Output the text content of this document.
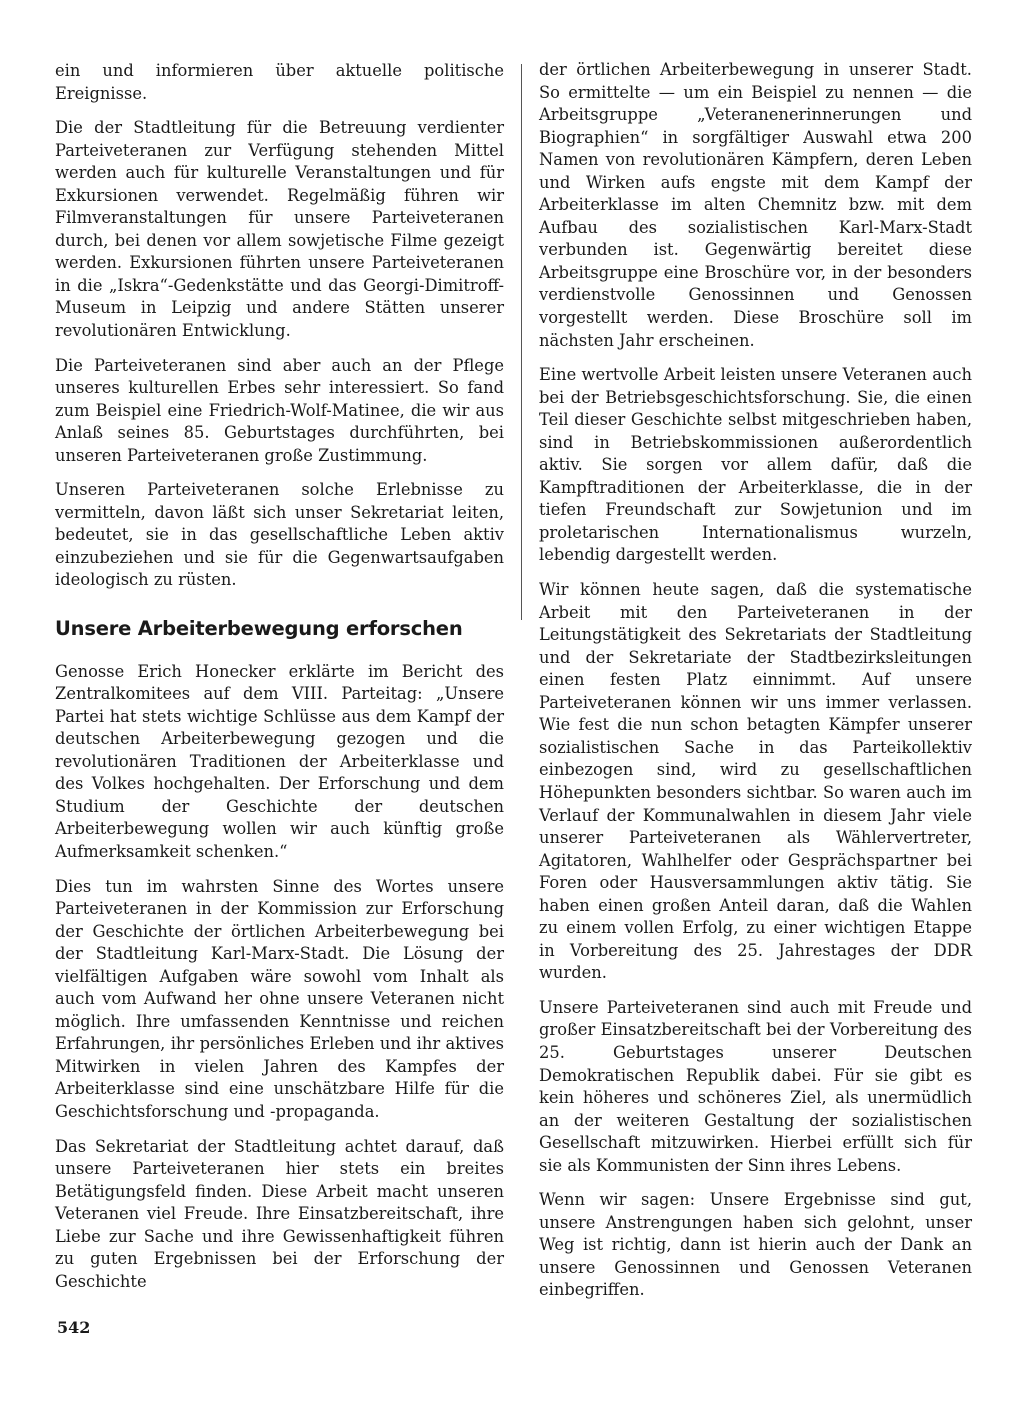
ein und informieren über aktuelle politische Ereignisse.

Die der Stadtleitung für die Betreuung verdienter Parteiveteranen zur Verfügung stehenden Mittel werden auch für kulturelle Veranstaltungen und für Exkursionen verwendet. Regelmäßig führen wir Filmveranstaltungen für unsere Parteiveteranen durch, bei denen vor allem sowjetische Filme gezeigt werden. Exkursionen führten unsere Parteiveteranen in die „Iskra“-Gedenkstätte und das Georgi-Dimitroff-Museum in Leipzig und andere Stätten unserer revolutionären Entwicklung.

Die Parteiveteranen sind aber auch an der Pflege unseres kulturellen Erbes sehr interessiert. So fand zum Beispiel eine Friedrich-Wolf-Matinee, die wir aus Anlaß seines 85. Geburtstages durchführten, bei unseren Parteiveteranen große Zustimmung.

Unseren Parteiveteranen solche Erlebnisse zu vermitteln, davon läßt sich unser Sekretariat leiten, bedeutet, sie in das gesellschaftliche Leben aktiv einzubeziehen und sie für die Gegenwartsaufgaben ideologisch zu rüsten.

Unsere Arbeiterbewegung erforschen

Genosse Erich Honecker erklärte im Bericht des Zentralkomitees auf dem VIII. Parteitag: „Unsere Partei hat stets wichtige Schlüsse aus dem Kampf der deutschen Arbeiterbewegung gezogen und die revolutionären Traditionen der Arbeiterklasse und des Volkes hochgehalten. Der Erforschung und dem Studium der Geschichte der deutschen Arbeiterbewegung wollen wir auch künftig große Aufmerksamkeit schenken.“

Dies tun im wahrsten Sinne des Wortes unsere Parteiveteranen in der Kommission zur Erforschung der Geschichte der örtlichen Arbeiterbewegung bei der Stadtleitung Karl-Marx-Stadt. Die Lösung der vielfältigen Aufgaben wäre sowohl vom Inhalt als auch vom Aufwand her ohne unsere Veteranen nicht möglich. Ihre umfassenden Kenntnisse und reichen Erfahrungen, ihr persönliches Erleben und ihr aktives Mitwirken in vielen Jahren des Kampfes der Arbeiterklasse sind eine unschätzbare Hilfe für die Geschichtsforschung und -propaganda.

Das Sekretariat der Stadtleitung achtet darauf, daß unsere Parteiveteranen hier stets ein breites Betätigungsfeld finden. Diese Arbeit macht unseren Veteranen viel Freude. Ihre Einsatzbereitschaft, ihre Liebe zur Sache und ihre Gewissenhaftigkeit führen zu guten Ergebnissen bei der Erforschung der Geschichte

der örtlichen Arbeiterbewegung in unserer Stadt. So ermittelte — um ein Beispiel zu nennen — die Arbeitsgruppe „Veteranenerinnerungen und Biographien“ in sorgfältiger Auswahl etwa 200 Namen von revolutionären Kämpfern, deren Leben und Wirken aufs engste mit dem Kampf der Arbeiterklasse im alten Chemnitz bzw. mit dem Aufbau des sozialistischen Karl-Marx-Stadt verbunden ist. Gegenwärtig bereitet diese Arbeitsgruppe eine Broschüre vor, in der besonders verdienstvolle Genossinnen und Genossen vorgestellt werden. Diese Broschüre soll im nächsten Jahr erscheinen.

Eine wertvolle Arbeit leisten unsere Veteranen auch bei der Betriebsgeschichtsforschung. Sie, die einen Teil dieser Geschichte selbst mitgeschrieben haben, sind in Betriebskommissionen außerordentlich aktiv. Sie sorgen vor allem dafür, daß die Kampftraditionen der Arbeiterklasse, die in der tiefen Freundschaft zur Sowjetunion und im proletarischen Internationalismus wurzeln, lebendig dargestellt werden.

Wir können heute sagen, daß die systematische Arbeit mit den Parteiveteranen in der Leitungstätigkeit des Sekretariats der Stadtleitung und der Sekretariate der Stadtbezirksleitungen einen festen Platz einnimmt. Auf unsere Parteiveteranen können wir uns immer verlassen. Wie fest die nun schon betagten Kämpfer unserer sozialistischen Sache in das Parteikollektiv einbezogen sind, wird zu gesellschaftlichen Höhepunkten besonders sichtbar. So waren auch im Verlauf der Kommunalwahlen in diesem Jahr viele unserer Parteiveteranen als Wählervertreter, Agitatoren, Wahlhelfer oder Gesprächspartner bei Foren oder Hausversammlungen aktiv tätig. Sie haben einen großen Anteil daran, daß die Wahlen zu einem vollen Erfolg, zu einer wichtigen Etappe in Vorbereitung des 25. Jahrestages der DDR wurden.

Unsere Parteiveteranen sind auch mit Freude und großer Einsatzbereitschaft bei der Vorbereitung des 25. Geburtstages unserer Deutschen Demokratischen Republik dabei. Für sie gibt es kein höheres und schöneres Ziel, als unermüdlich an der weiteren Gestaltung der sozialistischen Gesellschaft mitzuwirken. Hierbei erfüllt sich für sie als Kommunisten der Sinn ihres Lebens.

Wenn wir sagen: Unsere Ergebnisse sind gut, unsere Anstrengungen haben sich gelohnt, unser Weg ist richtig, dann ist hierin auch der Dank an unsere Genossinnen und Genossen Veteranen einbegriffen.

542
